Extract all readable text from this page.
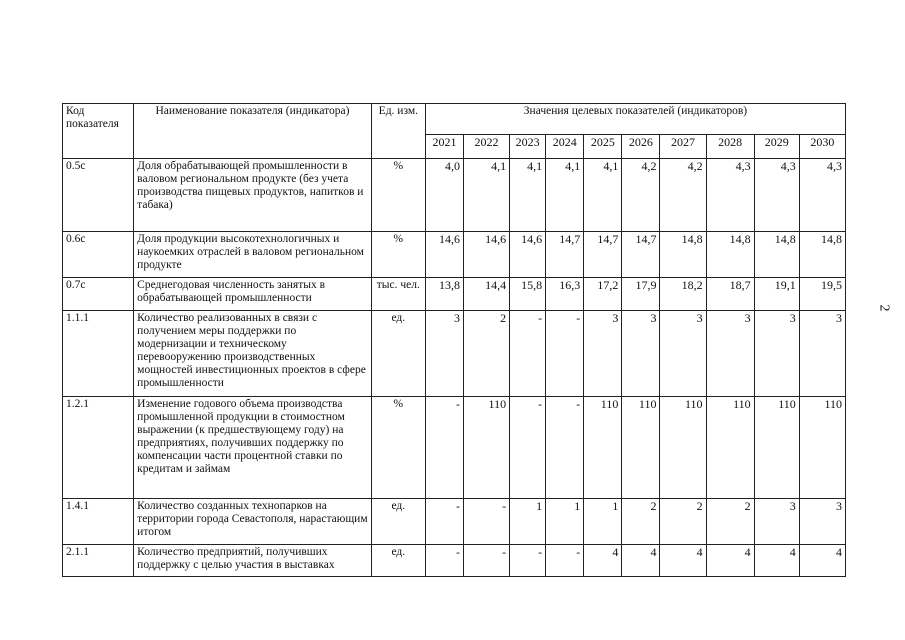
2
Код показателя	Наименование показателя (индикатора)	Ед. изм.	Значения целевых показателей (индикаторов)									
			2021	2022	2023	2024	2025	2026	2027	2028	2029	2030
0.5c	Доля обрабатывающей промышленности в валовом региональном продукте (без учета производства пищевых продуктов, напитков и табака)	%	4,0	4,1	4,1	4,1	4,1	4,2	4,2	4,3	4,3	4,3
0.6c	Доля продукции высокотехнологичных и наукоемких отраслей в валовом региональном продукте	%	14,6	14,6	14,6	14,7	14,7	14,7	14,8	14,8	14,8	14,8
0.7c	Среднегодовая численность занятых в обрабатывающей промышленности	тыс. чел.	13,8	14,4	15,8	16,3	17,2	17,9	18,2	18,7	19,1	19,5
1.1.1	Количество реализованных в связи с получением меры поддержки по модернизации и техническому перевооружению производственных мощностей инвестиционных проектов в сфере промышленности	ед.	3	2	-	-	3	3	3	3	3	3
1.2.1	Изменение годового объема производства промышленной продукции в стоимостном выражении (к предшествующему году) на предприятиях, получивших поддержку по компенсации части процентной ставки по кредитам и займам	%	-	110	-	-	110	110	110	110	110	110
1.4.1	Количество созданных технопарков на территории города Севастополя, нарастающим итогом	ед.	-	-	1	1	1	2	2	2	3	3
2.1.1	Количество предприятий, получивших поддержку с целью участия в выставках	ед.	-	-	-	-	4	4	4	4	4	4
